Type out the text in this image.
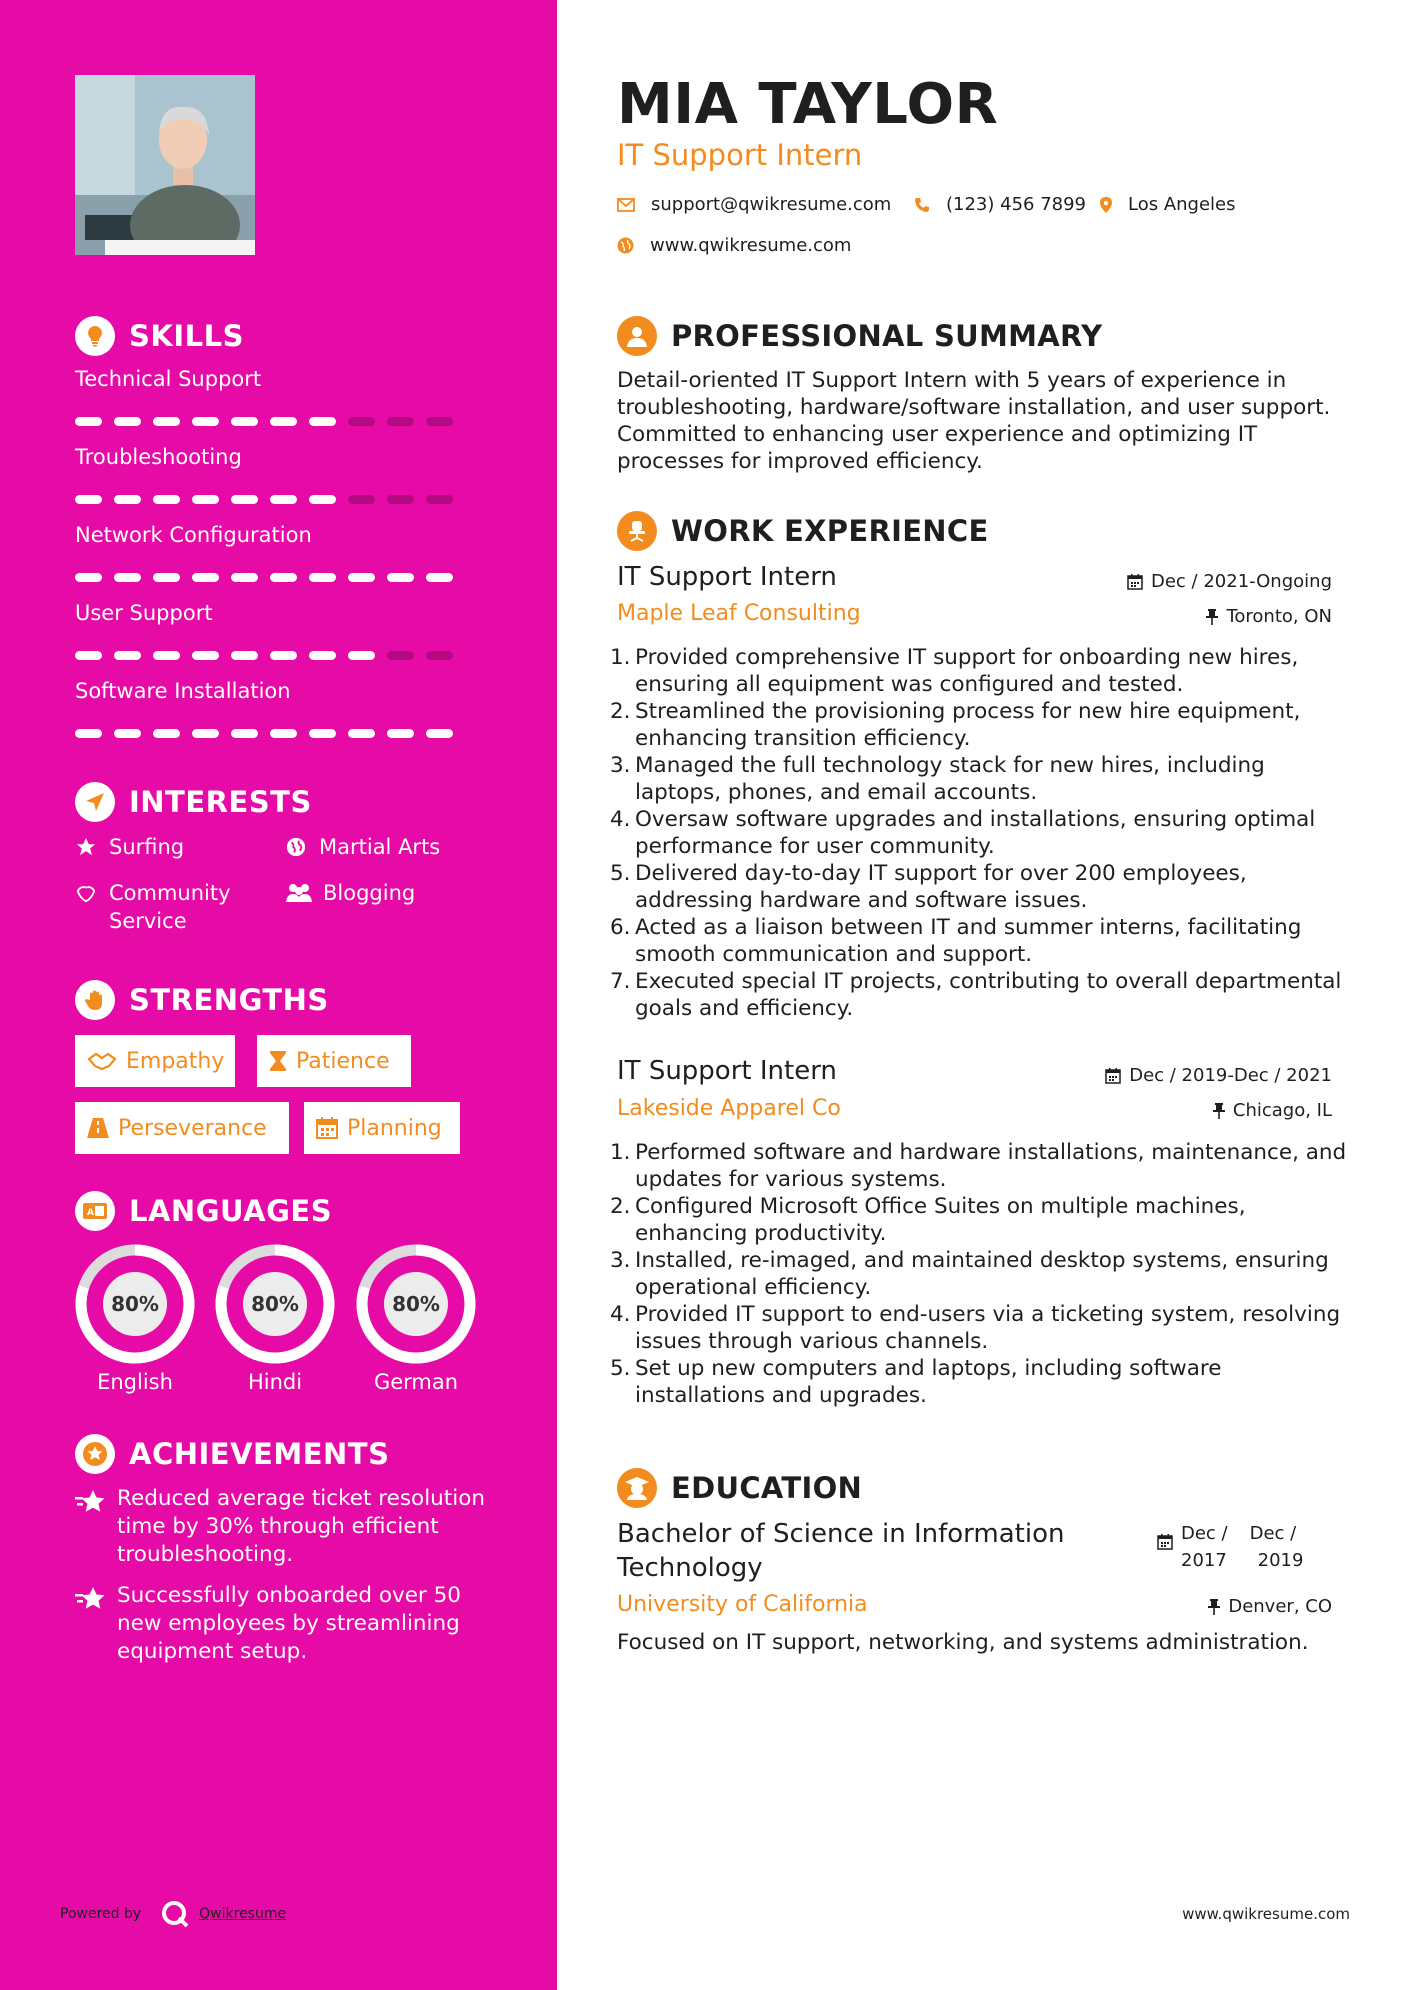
SKILLS
Technical Support
Troubleshooting
Network Configuration
User Support
Software Installation
INTERESTS
Surfing	Martial Arts
Community Service
Blogging
STRENGTHS
Empathy	Patience
Perseverance	Planning
A LANGUAGES
80%
English
80%
Hindi
80%
German
ACHIEVEMENTS
Reduced average ticket resolution time by 30% through efficient troubleshooting.
Successfully onboarded over 50 new employees by streamlining equipment setup.
Powered by	Qwikresume
MIA TAYLOR
IT Support Intern
support@qwikresume.com	(123) 456 7899 Los Angeles
www.qwikresume.com
PROFESSIONAL SUMMARY
Detail-oriented IT Support Intern with 5 years of experience in troubleshooting, hardware/software installation, and user support. Committed to enhancing user experience and optimizing IT processes for improved efficiency.
WORK EXPERIENCE
IT Support Intern	Dec / 2021-Ongoing
Maple Leaf Consulting	Toronto, ON
1. Provided comprehensive IT support for onboarding new hires, ensuring all equipment was configured and tested.
2. Streamlined the provisioning process for new hire equipment, enhancing transition efficiency.
3. Managed the full technology stack for new hires, including laptops, phones, and email accounts.
4. Oversaw software upgrades and installations, ensuring optimal performance for user community.
5. Delivered day-to-day IT support for over 200 employees, addressing hardware and software issues.
6. Acted as a liaison between IT and summer interns, facilitating smooth communication and support.
7. Executed special IT projects, contributing to overall departmental goals and efficiency.
IT Support Intern	Dec / 2019-Dec / 2021
Lakeside Apparel Co	Chicago, IL
1. Performed software and hardware installations, maintenance, and updates for various systems.
2. Configured Microsoft Office Suites on multiple machines, enhancing productivity.
3. Installed, re-imaged, and maintained desktop systems, ensuring operational efficiency.
4. Provided IT support to end-users via a ticketing system, resolving issues through various channels.
5. Set up new computers and laptops, including software installations and upgrades.
EDUCATION
Bachelor of Science in Information Technology
Dec /
2017
Dec /
2019
University of California	Denver, CO
Focused on IT support, networking, and systems administration.
www.qwikresume.com
